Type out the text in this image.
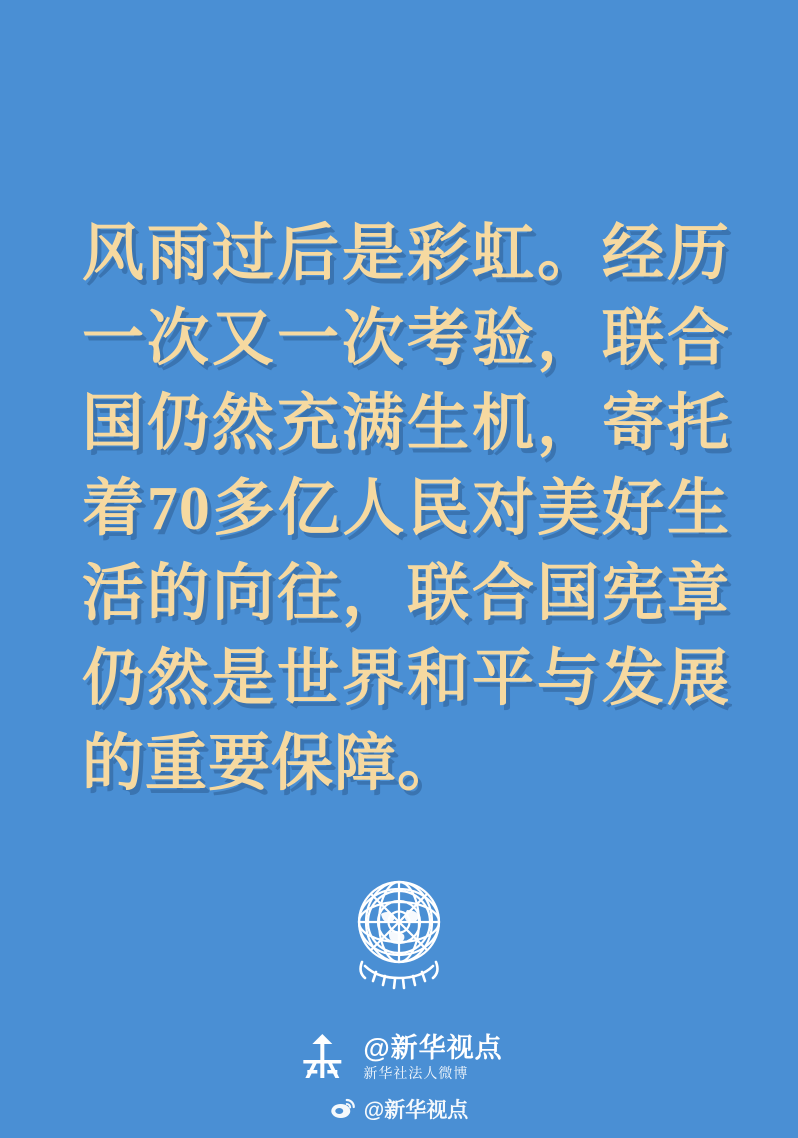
风雨过后是彩虹。经历一次又一次考验，联合国仍然充满生机，寄托着70多亿人民对美好生活的向往，联合国宪章仍然是世界和平与发展的重要保障。

@新华视点
新华社法人微博
@新华视点
